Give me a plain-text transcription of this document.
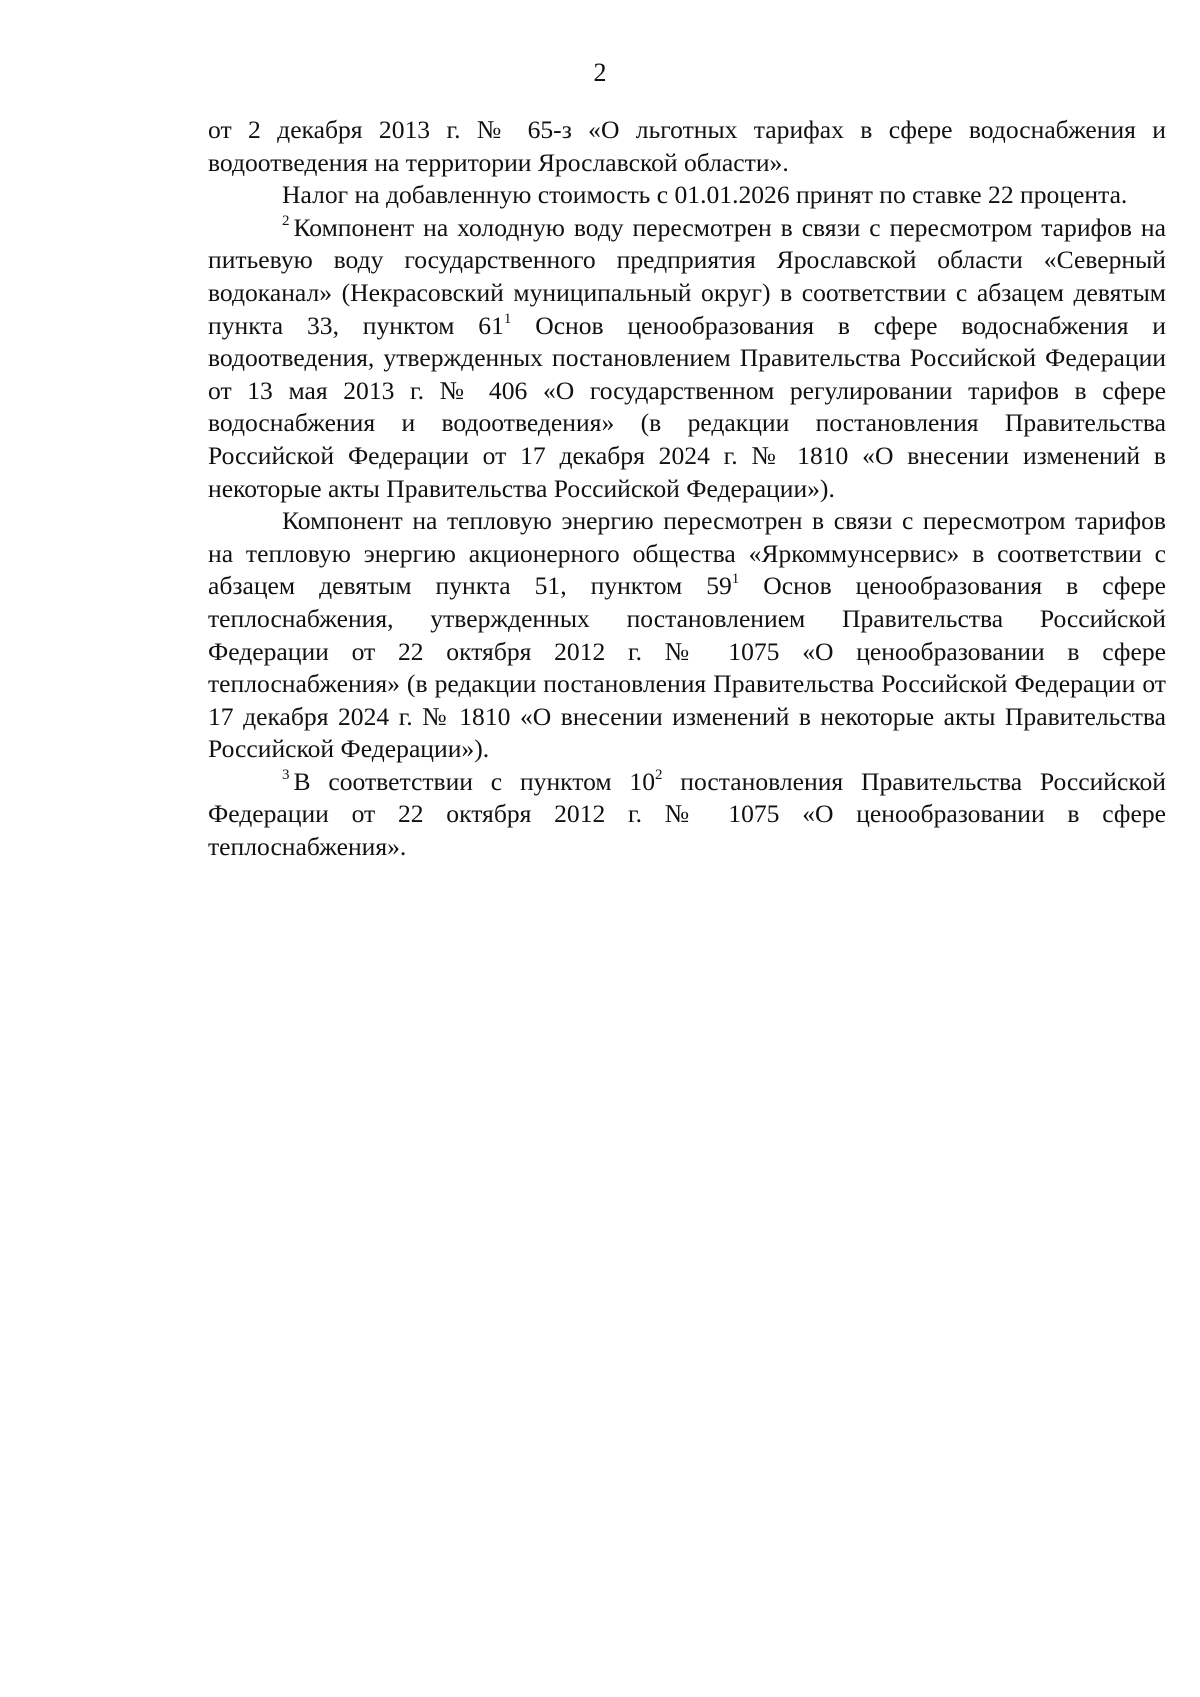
2

от 2 декабря 2013 г. № 65-з «О льготных тарифах в сфере водоснабжения и водоотведения на территории Ярославской области».

Налог на добавленную стоимость с 01.01.2026 принят по ставке 22 процента.

$^2$ Компонент на холодную воду пересмотрен в связи с пересмотром тарифов на питьевую воду государственного предприятия Ярославской области «Северный водоканал» (Некрасовский муниципальный округ) в соответствии с абзацем девятым пункта 33, пунктом $61^1$ Основ ценообразования в сфере водоснабжения и водоотведения, утвержденных постановлением Правительства Российской Федерации от 13 мая 2013 г. № 406 «О государственном регулировании тарифов в сфере водоснабжения и водоотведения» (в редакции постановления Правительства Российской Федерации от 17 декабря 2024 г. № 1810 «О внесении изменений в некоторые акты Правительства Российской Федерации»).

Компонент на тепловую энергию пересмотрен в связи с пересмотром тарифов на тепловую энергию акционерного общества «Яркоммунсервис» в соответствии с абзацем девятым пункта 51, пунктом $59^1$ Основ ценообразования в сфере теплоснабжения, утвержденных постановлением Правительства Российской Федерации от 22 октября 2012 г. № 1075 «О ценообразовании в сфере теплоснабжения» (в редакции постановления Правительства Российской Федерации от 17 декабря 2024 г. № 1810 «О внесении изменений в некоторые акты Правительства Российской Федерации»).

$^3$ В соответствии с пунктом $10^2$ постановления Правительства Российской Федерации от 22 октября 2012 г. № 1075 «О ценообразовании в сфере теплоснабжения».
